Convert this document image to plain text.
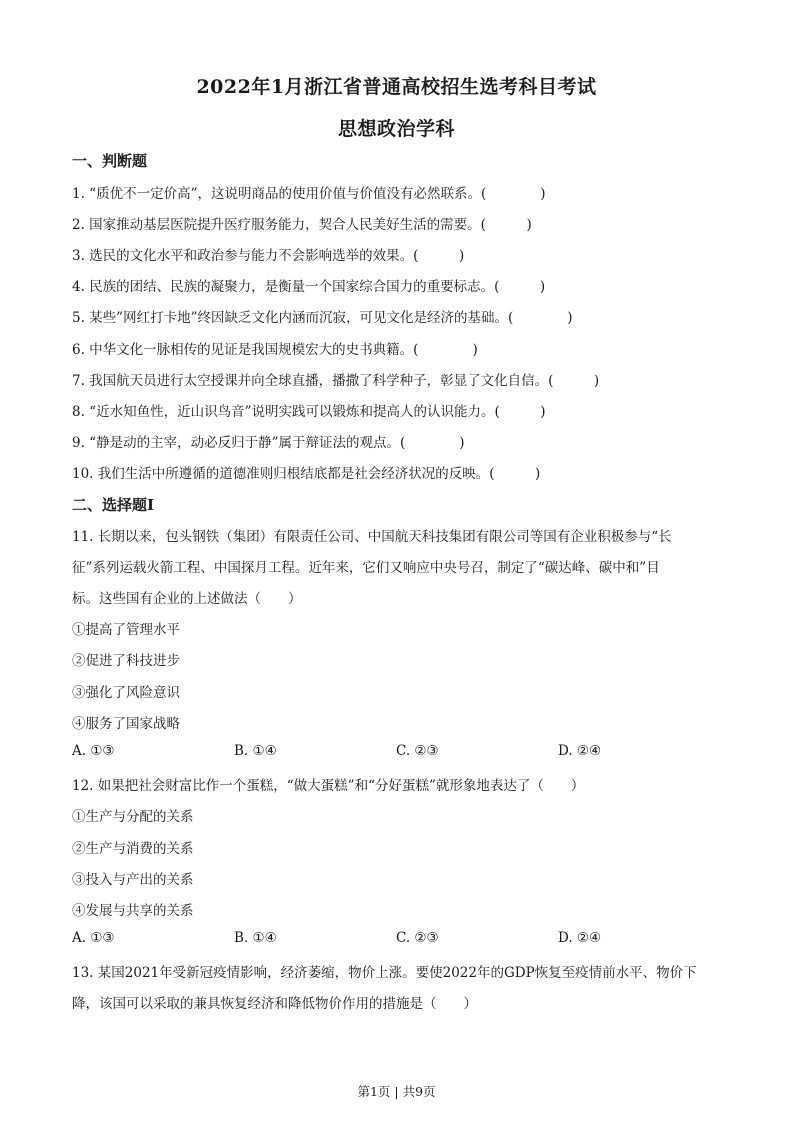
2022年1月浙江省普通高校招生选考科目考试
思想政治学科
一、判断题
1. “质优不一定价高”，这说明商品的使用价值与价值没有必然联系。(　　　　)
2. 国家推动基层医院提升医疗服务能力，契合人民美好生活的需要。(　　　)
3. 选民的文化水平和政治参与能力不会影响选举的效果。(　　　)
4. 民族的团结、民族的凝聚力，是衡量一个国家综合国力的重要标志。(　　　)
5. 某些”网红打卡地”终因缺乏文化内涵而沉寂，可见文化是经济的基础。(　　　　)
6. 中华文化一脉相传的见证是我国规模宏大的史书典籍。(　　　　)
7. 我国航天员进行太空授课并向全球直播，播撒了科学种子，彰显了文化自信。(　　　)
8. “近水知鱼性，近山识鸟音”说明实践可以锻炼和提高人的认识能力。(　　　)
9. “静是动的主宰，动必反归于静”属于辩证法的观点。(　　　　)
10. 我们生活中所遵循的道德准则归根结底都是社会经济状况的反映。(　　　)
二、选择题Ⅰ
11. 长期以来，包头钢铁（集团）有限责任公司、中国航天科技集团有限公司等国有企业积极参与“长
征”系列运载火箭工程、中国探月工程。近年来，它们又响应中央号召，制定了“碳达峰、碳中和”目
标。这些国有企业的上述做法（　　）
①提高了管理水平
②促进了科技进步
③强化了风险意识
④服务了国家战略
A. ①③	B. ①④	C. ②③	D. ②④
12. 如果把社会财富比作一个蛋糕，“做大蛋糕”和“分好蛋糕”就形象地表达了（　　）
①生产与分配的关系
②生产与消费的关系
③投入与产出的关系
④发展与共享的关系
A. ①③	B. ①④	C. ②③	D. ②④
13. 某国2021年受新冠疫情影响，经济萎缩，物价上涨。要使2022年的GDP恢复至疫情前水平、物价下
降，该国可以采取的兼具恢复经济和降低物价作用的措施是（　　）
第1页 | 共9页
